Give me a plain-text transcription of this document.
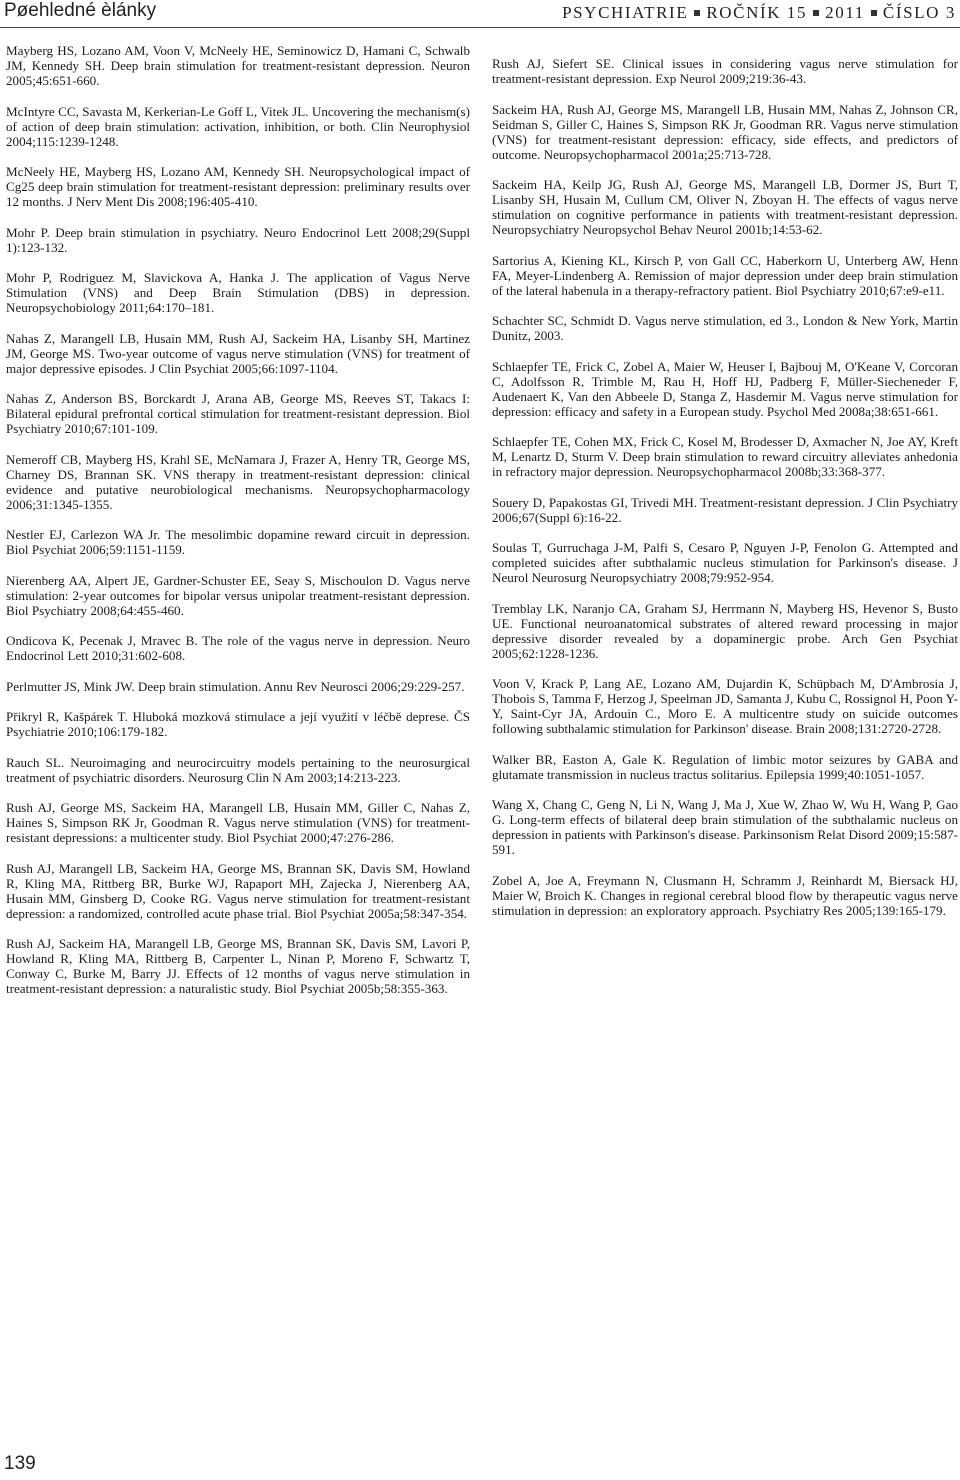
Pøehledné èlánky	PSYCHIATRIE ROČNÍK 15 2011 ČÍSLO 3

Mayberg HS, Lozano AM, Voon V, McNeely HE, Seminowicz D, Hamani C, Schwalb JM, Kennedy SH. Deep brain stimulation for treatment-resistant depression. Neuron 2005;45:651-660.

McIntyre CC, Savasta M, Kerkerian-Le Goff L, Vitek JL. Uncovering the mechanism(s) of action of deep brain stimulation: activation, inhibition, or both. Clin Neurophysiol 2004;115:1239-1248.

McNeely HE, Mayberg HS, Lozano AM, Kennedy SH. Neuropsychological impact of Cg25 deep brain stimulation for treatment-resistant depression: preliminary results over 12 months. J Nerv Ment Dis 2008;196:405-410.

Mohr P. Deep brain stimulation in psychiatry. Neuro Endocrinol Lett 2008;29(Suppl 1):123-132.

Mohr P, Rodriguez M, Slavickova A, Hanka J. The application of Vagus Nerve Stimulation (VNS) and Deep Brain Stimulation (DBS) in depression. Neuropsychobiology 2011;64:170–181.

Nahas Z, Marangell LB, Husain MM, Rush AJ, Sackeim HA, Lisanby SH, Martinez JM, George MS. Two-year outcome of vagus nerve stimulation (VNS) for treatment of major depressive episodes. J Clin Psychiat 2005;66:1097-1104.

Nahas Z, Anderson BS, Borckardt J, Arana AB, George MS, Reeves ST, Takacs I: Bilateral epidural prefrontal cortical stimulation for treatment-resistant depression. Biol Psychiatry 2010;67:101-109.

Nemeroff CB, Mayberg HS, Krahl SE, McNamara J, Frazer A, Henry TR, George MS, Charney DS, Brannan SK. VNS therapy in treatment-resistant depression: clinical evidence and putative neurobiological mechanisms. Neuropsychopharmacology 2006;31:1345-1355.

Nestler EJ, Carlezon WA Jr. The mesolimbic dopamine reward circuit in depression. Biol Psychiat 2006;59:1151-1159.

Nierenberg AA, Alpert JE, Gardner-Schuster EE, Seay S, Mischoulon D. Vagus nerve stimulation: 2-year outcomes for bipolar versus unipolar treatment-resistant depression. Biol Psychiatry 2008;64:455-460.

Ondicova K, Pecenak J, Mravec B. The role of the vagus nerve in depression. Neuro Endocrinol Lett 2010;31:602-608.

Perlmutter JS, Mink JW. Deep brain stimulation. Annu Rev Neurosci 2006;29:229-257.

Přikryl R, Kašpárek T. Hluboká mozková stimulace a její využití v léčbě deprese. ČS Psychiatrie 2010;106:179-182.

Rauch SL. Neuroimaging and neurocircuitry models pertaining to the neurosurgical treatment of psychiatric disorders. Neurosurg Clin N Am 2003;14:213-223.

Rush AJ, George MS, Sackeim HA, Marangell LB, Husain MM, Giller C, Nahas Z, Haines S, Simpson RK Jr, Goodman R. Vagus nerve stimulation (VNS) for treatment-resistant depressions: a multicenter study. Biol Psychiat 2000;47:276-286.

Rush AJ, Marangell LB, Sackeim HA, George MS, Brannan SK, Davis SM, Howland R, Kling MA, Rittberg BR, Burke WJ, Rapaport MH, Zajecka J, Nierenberg AA, Husain MM, Ginsberg D, Cooke RG. Vagus nerve stimulation for treatment-resistant depression: a randomized, controlled acute phase trial. Biol Psychiat 2005a;58:347-354.

Rush AJ, Sackeim HA, Marangell LB, George MS, Brannan SK, Davis SM, Lavori P, Howland R, Kling MA, Rittberg B, Carpenter L, Ninan P, Moreno F, Schwartz T, Conway C, Burke M, Barry JJ. Effects of 12 months of vagus nerve stimulation in treatment-resistant depression: a naturalistic study. Biol Psychiat 2005b;58:355-363.

Rush AJ, Siefert SE. Clinical issues in considering vagus nerve stimulation for treatment-resistant depression. Exp Neurol 2009;219:36-43.

Sackeim HA, Rush AJ, George MS, Marangell LB, Husain MM, Nahas Z, Johnson CR, Seidman S, Giller C, Haines S, Simpson RK Jr, Goodman RR. Vagus nerve stimulation (VNS) for treatment-resistant depression: efficacy, side effects, and predictors of outcome. Neuropsychopharmacol 2001a;25:713-728.

Sackeim HA, Keilp JG, Rush AJ, George MS, Marangell LB, Dormer JS, Burt T, Lisanby SH, Husain M, Cullum CM, Oliver N, Zboyan H. The effects of vagus nerve stimulation on cognitive performance in patients with treatment-resistant depression. Neuropsychiatry Neuropsychol Behav Neurol 2001b;14:53-62.

Sartorius A, Kiening KL, Kirsch P, von Gall CC, Haberkorn U, Unterberg AW, Henn FA, Meyer-Lindenberg A. Remission of major depression under deep brain stimulation of the lateral habenula in a therapy-refractory patient. Biol Psychiatry 2010;67:e9-e11.

Schachter SC, Schmidt D. Vagus nerve stimulation, ed 3., London & New York, Martin Dunitz, 2003.

Schlaepfer TE, Frick C, Zobel A, Maier W, Heuser I, Bajbouj M, O'Keane V, Corcoran C, Adolfsson R, Trimble M, Rau H, Hoff HJ, Padberg F, Müller-Siecheneder F, Audenaert K, Van den Abbeele D, Stanga Z, Hasdemir M. Vagus nerve stimulation for depression: efficacy and safety in a European study. Psychol Med 2008a;38:651-661.

Schlaepfer TE, Cohen MX, Frick C, Kosel M, Brodesser D, Axmacher N, Joe AY, Kreft M, Lenartz D, Sturm V. Deep brain stimulation to reward circuitry alleviates anhedonia in refractory major depression. Neuropsychopharmacol 2008b;33:368-377.

Souery D, Papakostas GI, Trivedi MH. Treatment-resistant depression. J Clin Psychiatry 2006;67(Suppl 6):16-22.

Soulas T, Gurruchaga J-M, Palfi S, Cesaro P, Nguyen J-P, Fenolon G. Attempted and completed suicides after subthalamic nucleus stimulation for Parkinson's disease. J Neurol Neurosurg Neuropsychiatry 2008;79:952-954.

Tremblay LK, Naranjo CA, Graham SJ, Herrmann N, Mayberg HS, Hevenor S, Busto UE. Functional neuroanatomical substrates of altered reward processing in major depressive disorder revealed by a dopaminergic probe. Arch Gen Psychiat 2005;62:1228-1236.

Voon V, Krack P, Lang AE, Lozano AM, Dujardin K, Schüpbach M, D'Ambrosia J, Thobois S, Tamma F, Herzog J, Speelman JD, Samanta J, Kubu C, Rossignol H, Poon Y-Y, Saint-Cyr JA, Ardouin C., Moro E. A multicentre study on suicide outcomes following subthalamic stimulation for Parkinson' disease. Brain 2008;131:2720-2728.

Walker BR, Easton A, Gale K. Regulation of limbic motor seizures by GABA and glutamate transmission in nucleus tractus solitarius. Epilepsia 1999;40:1051-1057.

Wang X, Chang C, Geng N, Li N, Wang J, Ma J, Xue W, Zhao W, Wu H, Wang P, Gao G. Long-term effects of bilateral deep brain stimulation of the subthalamic nucleus on depression in patients with Parkinson's disease. Parkinsonism Relat Disord 2009;15:587-591.

Zobel A, Joe A, Freymann N, Clusmann H, Schramm J, Reinhardt M, Biersack HJ, Maier W, Broich K. Changes in regional cerebral blood flow by therapeutic vagus nerve stimulation in depression: an exploratory approach. Psychiatry Res 2005;139:165-179.

139
